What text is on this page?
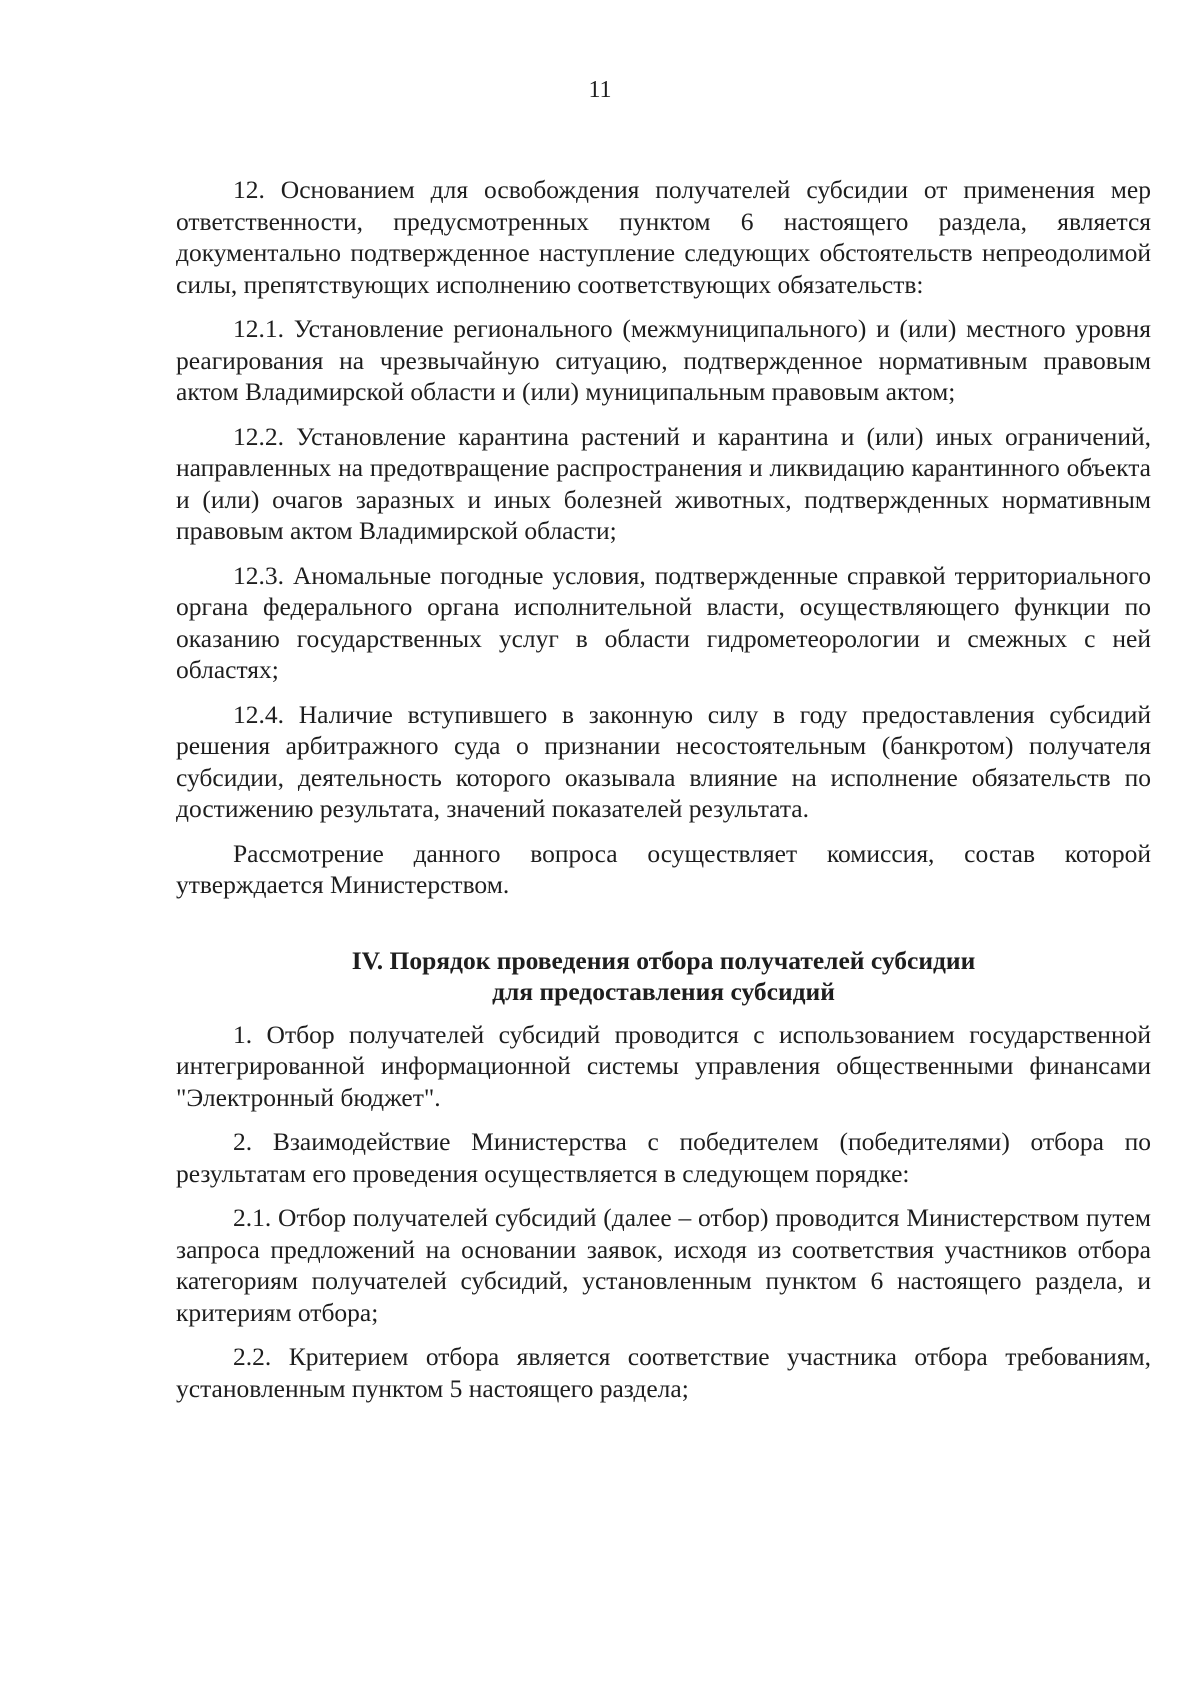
11

12. Основанием для освобождения получателей субсидии от применения мер ответственности, предусмотренных пунктом 6 настоящего раздела, является документально подтвержденное наступление следующих обстоятельств непреодолимой силы, препятствующих исполнению соответствующих обязательств:

12.1. Установление регионального (межмуниципального) и (или) местного уровня реагирования на чрезвычайную ситуацию, подтвержденное нормативным правовым актом Владимирской области и (или) муниципальным правовым актом;

12.2. Установление карантина растений и карантина и (или) иных ограничений, направленных на предотвращение распространения и ликвидацию карантинного объекта и (или) очагов заразных и иных болезней животных, подтвержденных нормативным правовым актом Владимирской области;

12.3. Аномальные погодные условия, подтвержденные справкой территориального органа федерального органа исполнительной власти, осуществляющего функции по оказанию государственных услуг в области гидрометеорологии и смежных с ней областях;

12.4. Наличие вступившего в законную силу в году предоставления субсидий решения арбитражного суда о признании несостоятельным (банкротом) получателя субсидии, деятельность которого оказывала влияние на исполнение обязательств по достижению результата, значений показателей результата.

Рассмотрение данного вопроса осуществляет комиссия, состав которой утверждается Министерством.

IV. Порядок проведения отбора получателей субсидии
для предоставления субсидий

1. Отбор получателей субсидий проводится с использованием государственной интегрированной информационной системы управления общественными финансами "Электронный бюджет".

2. Взаимодействие Министерства с победителем (победителями) отбора по результатам его проведения осуществляется в следующем порядке:

2.1. Отбор получателей субсидий (далее – отбор) проводится Министерством путем запроса предложений на основании заявок, исходя из соответствия участников отбора категориям получателей субсидий, установленным пунктом 6 настоящего раздела, и критериям отбора;

2.2. Критерием отбора является соответствие участника отбора требованиям, установленным пунктом 5 настоящего раздела;
